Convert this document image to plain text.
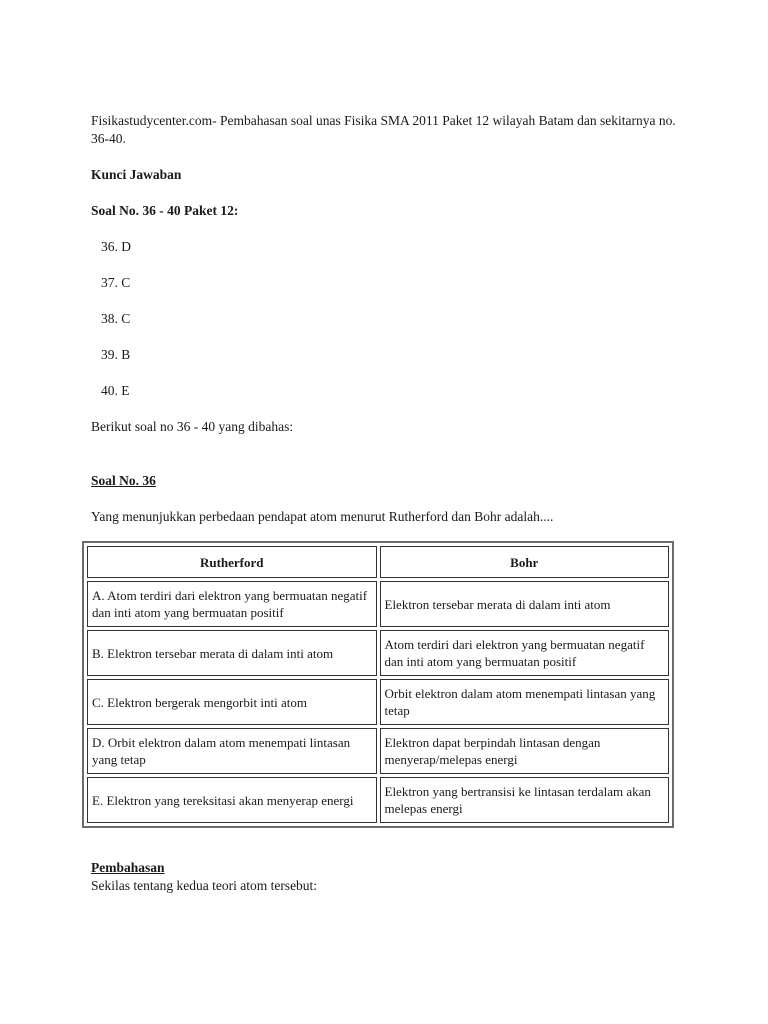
Fisikastudycenter.com- Pembahasan soal unas Fisika SMA 2011 Paket 12 wilayah Batam dan sekitarnya no. 36-40.

Kunci Jawaban

Soal No. 36 - 40 Paket 12:

36. D
37. C
38. C
39. B
40. E

Berikut soal no 36 - 40 yang dibahas:

Soal No. 36

Yang menunjukkan perbedaan pendapat atom menurut Rutherford dan Bohr adalah....

Rutherford	Bohr
A. Atom terdiri dari elektron yang bermuatan negatif dan inti atom yang bermuatan positif	Elektron tersebar merata di dalam inti atom
B. Elektron tersebar merata di dalam inti atom	Atom terdiri dari elektron yang bermuatan negatif dan inti atom yang bermuatan positif
C. Elektron bergerak mengorbit inti atom	Orbit elektron dalam atom menempati lintasan yang tetap
D. Orbit elektron dalam atom menempati lintasan yang tetap	Elektron dapat berpindah lintasan dengan menyerap/melepas energi
E. Elektron yang tereksitasi akan menyerap energi	Elektron yang bertransisi ke lintasan terdalam akan melepas energi

Pembahasan

Sekilas tentang kedua teori atom tersebut:
